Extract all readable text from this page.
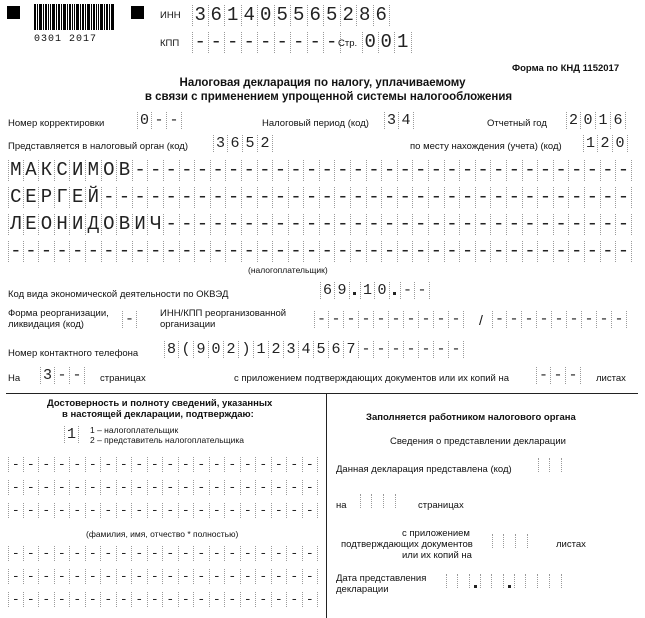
0301 2017
ИНН 3 6 1 4 0 5 5 6 5 2 8 6
КПП - - - - - - - - - Стр. 0 0 1
Форма по КНД 1152017
Налоговая декларация по налогу, уплачиваемому
в связи с применением упрощенной системы налогообложения
Номер корректировки 0 - -	Налоговый период (код) 3 4	Отчетный год 2 0 1 6
Представляется в налоговый орган (код) 3 6 5 2	по месту нахождения (учета) (код) 1 2 0
М А К С И М О В - - - - - - - - - - - - - - - - - - - - - - - - - - - - - - - -
С Е Р Г Е Й - - - - - - - - - - - - - - - - - - - - - - - - - - - - - - - - - -
Л Е О Н И Д О В И Ч - - - - - - - - - - - - - - - - - - - - - - - - - - - - - -
- - - - - - - - - - - - - - - - - - - - - - - - - - - - - - - - - - - - - - - -
(налогоплательщик)
Код вида экономической деятельности по ОКВЭД	6 9 1 0 - -
Форма реорганизации, ликвидация (код)	-	ИНН/КПП реорганизованной организации	- - - - - - - - - - / - - - - - - - - -
Номер контактного телефона 8 ( 9 0 2 ) 1 2 3 4 5 6 7 - - - - - - -
На 3 - -	страницах	с приложением подтверждающих документов или их копий на - - -	листах
Достоверность и полноту сведений, указанных
в настоящей декларации, подтверждаю:
1	1 – налогоплательщик
2 – представитель налогоплательщика
- - - - - - - - - - - - - - - - - - - -
- - - - - - - - - - - - - - - - - - - -
- - - - - - - - - - - - - - - - - - - -
(фамилия, имя, отчество * полностью)
- - - - - - - - - - - - - - - - - - - -
- - - - - - - - - - - - - - - - - - - -
- - - - - - - - - - - - - - - - - - - -
Заполняется работником налогового органа
Сведения о представлении декларации
Данная декларация представлена (код)
на	страницах
с приложением
подтверждающих документов
или их копий на
листах
Дата представления
декларации
